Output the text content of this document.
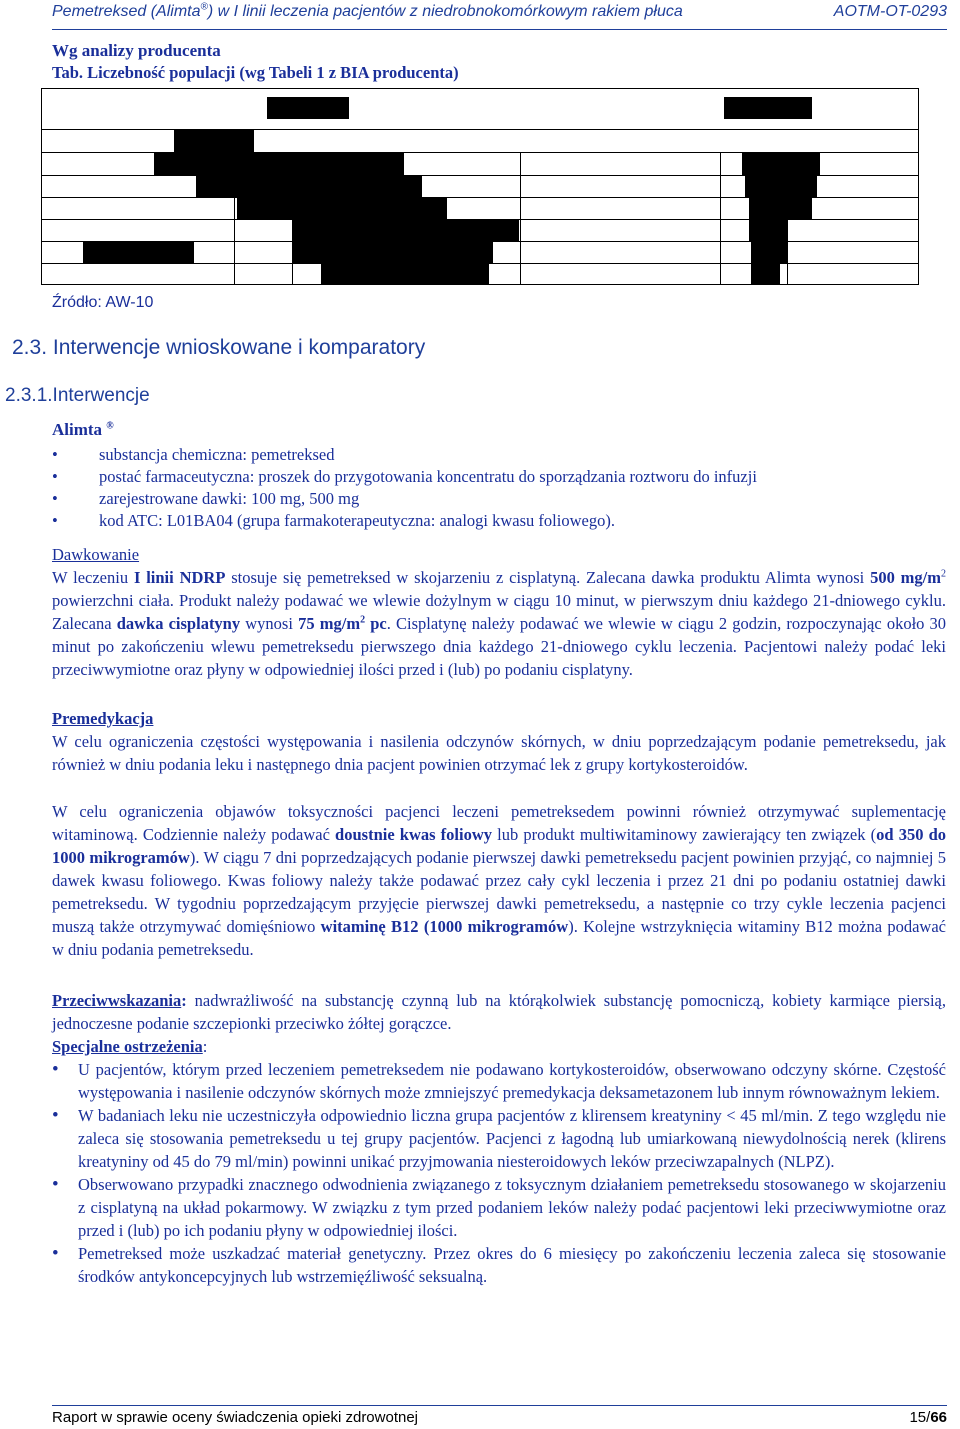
Pemetreksed (Alimta®) w I linii leczenia pacjentów z niedrobnokomórkowym rakiem płuca	AOTM-OT-0293
Wg analizy producenta
Tab. Liczebność populacji (wg Tabeli 1 z BIA producenta)
Źródło: AW-10
2.3. Interwencje wnioskowane i komparatory
2.3.1.Interwencje
Alimta ®
• substancja chemiczna: pemetreksed
• postać farmaceutyczna: proszek do przygotowania koncentratu do sporządzania roztworu do infuzji
• zarejestrowane dawki: 100 mg, 500 mg
• kod ATC: L01BA04 (grupa farmakoterapeutyczna: analogi kwasu foliowego).
Dawkowanie
W leczeniu I linii NDRP stosuje się pemetreksed w skojarzeniu z cisplatyną. Zalecana dawka produktu Alimta wynosi 500 $mg/m^2$ powierzchni ciała. Produkt należy podawać we wlewie dożylnym w ciągu 10 minut, w pierwszym dniu każdego 21-dniowego cyklu. Zalecana dawka cisplatyny wynosi 75 $mg/m^2$ pc. Cisplatynę należy podawać we wlewie w ciągu 2 godzin, rozpoczynając około 30 minut po zakończeniu wlewu pemetreksedu pierwszego dnia każdego 21-dniowego cyklu leczenia. Pacjentowi należy podać leki przeciwwymiotne oraz płyny w odpowiedniej ilości przed i (lub) po podaniu cisplatyny.
Premedykacja
W celu ograniczenia częstości występowania i nasilenia odczynów skórnych, w dniu poprzedzającym podanie pemetreksedu, jak również w dniu podania leku i następnego dnia pacjent powinien otrzymać lek z grupy kortykosteroidów.
W celu ograniczenia objawów toksyczności pacjenci leczeni pemetreksedem powinni również otrzymywać suplementację witaminową. Codziennie należy podawać doustnie kwas foliowy lub produkt multiwitaminowy zawierający ten związek (od 350 do 1000 mikrogramów). W ciągu 7 dni poprzedzających podanie pierwszej dawki pemetreksedu pacjent powinien przyjąć, co najmniej 5 dawek kwasu foliowego. Kwas foliowy należy także podawać przez cały cykl leczenia i przez 21 dni po podaniu ostatniej dawki pemetreksedu. W tygodniu poprzedzającym przyjęcie pierwszej dawki pemetreksedu, a następnie co trzy cykle leczenia pacjenci muszą także otrzymywać domięśniowo witaminę B12 (1000 mikrogramów). Kolejne wstrzyknięcia witaminy B12 można podawać w dniu podania pemetreksedu.
Przeciwwskazania: nadwrażliwość na substancję czynną lub na którąkolwiek substancję pomocniczą, kobiety karmiące piersią, jednoczesne podanie szczepionki przeciwko żółtej gorączce.
Specjalne ostrzeżenia:

• U pacjentów, którym przed leczeniem pemetreksedem nie podawano kortykosteroidów, obserwowano odczyny skórne. Częstość występowania i nasilenie odczynów skórnych może zmniejszyć premedykacja deksametazonem lub innym równoważnym lekiem.

• W badaniach leku nie uczestniczyła odpowiednio liczna grupa pacjentów z klirensem kreatyniny < 45 ml/min. Z tego względu nie zaleca się stosowania pemetreksedu u tej grupy pacjentów. Pacjenci z łagodną lub umiarkowaną niewydolnością nerek (klirens kreatyniny od 45 do 79 ml/min) powinni unikać przyjmowania niesteroidowych leków przeciwzapalnych (NLPZ).

• Obserwowano przypadki znacznego odwodnienia związanego z toksycznym działaniem pemetreksedu stosowanego w skojarzeniu z cisplatyną na układ pokarmowy. W związku z tym przed podaniem leków należy podać pacjentowi leki przeciwwymiotne oraz przed i (lub) po ich podaniu płyny w odpowiedniej ilości.

• Pemetreksed może uszkadzać materiał genetyczny. Przez okres do 6 miesięcy po zakończeniu leczenia zaleca się stosowanie środków antykoncepcyjnych lub wstrzemięźliwość seksualną.

Raport w sprawie oceny świadczenia opieki zdrowotnej	15/66
